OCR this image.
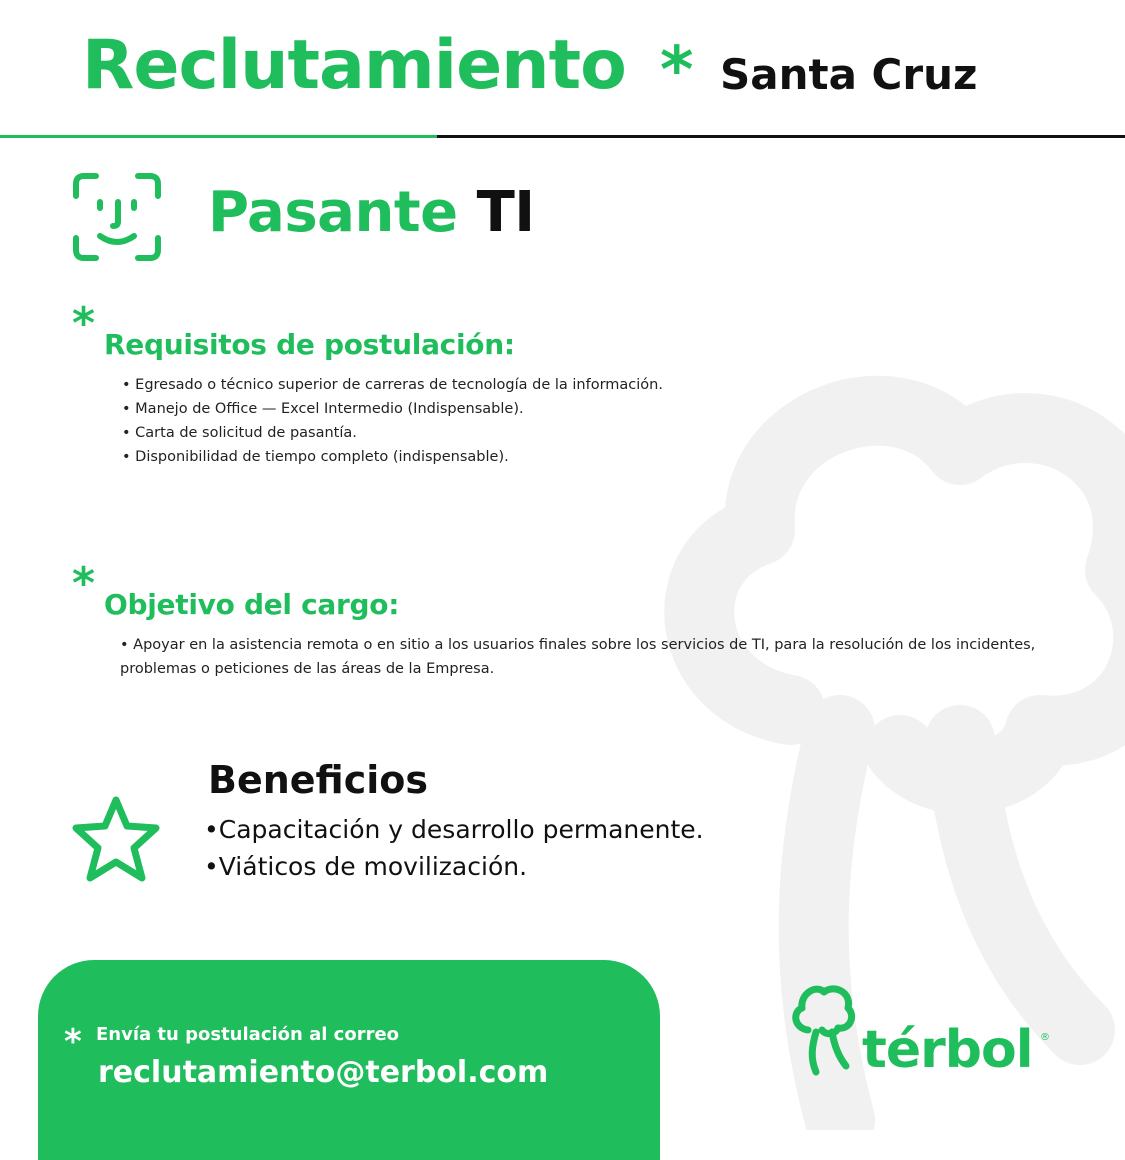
Reclutamiento * Santa Cruz
Pasante TI
* Requisitos de postulación:
• Egresado o técnico superior de carreras de tecnología de la información.
• Manejo de Office — Excel Intermedio (Indispensable).
• Carta de solicitud de pasantía.
• Disponibilidad de tiempo completo (indispensable).
* Objetivo del cargo:
• Apoyar en la asistencia remota o en sitio a los usuarios finales sobre los servicios de TI, para la resolución de los incidentes, problemas o peticiones de las áreas de la Empresa.
Beneficios
• Capacitación y desarrollo permanente.
• Viáticos de movilización.
* Envía tu postulación al correo
reclutamiento@terbol.com	térbol ®
